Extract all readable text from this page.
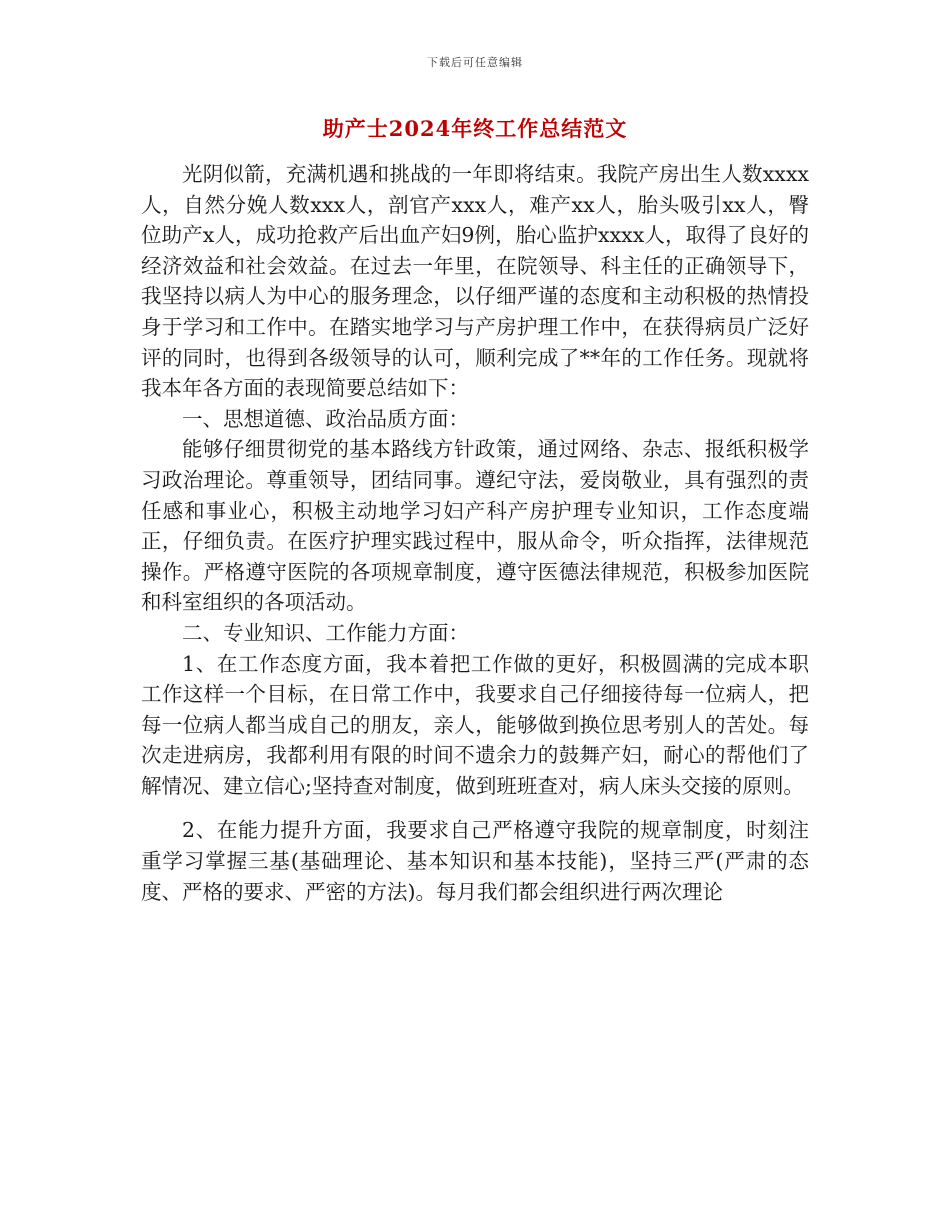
下载后可任意编辑
助产士2024年终工作总结范文

光阴似箭，充满机遇和挑战的一年即将结束。我院产房出生人数xxxx人，自然分娩人数xxx人，剖官产xxx人，难产xx人，胎头吸引xx人，臀位助产x人，成功抢救产后出血产妇9例，胎心监护xxxx人，取得了良好的经济效益和社会效益。在过去一年里，在院领导、科主任的正确领导下，我坚持以病人为中心的服务理念，以仔细严谨的态度和主动积极的热情投身于学习和工作中。在踏实地学习与产房护理工作中，在获得病员广泛好评的同时，也得到各级领导的认可，顺利完成了**年的工作任务。现就将我本年各方面的表现简要总结如下：

一、思想道德、政治品质方面：

能够仔细贯彻党的基本路线方针政策，通过网络、杂志、报纸积极学习政治理论。尊重领导，团结同事。遵纪守法，爱岗敬业，具有强烈的责任感和事业心，积极主动地学习妇产科产房护理专业知识，工作态度端正，仔细负责。在医疗护理实践过程中，服从命令，听众指挥，法律规范操作。严格遵守医院的各项规章制度，遵守医德法律规范，积极参加医院和科室组织的各项活动。

二、专业知识、工作能力方面：

1、在工作态度方面，我本着把工作做的更好，积极圆满的完成本职工作这样一个目标，在日常工作中，我要求自己仔细接待每一位病人，把每一位病人都当成自己的朋友，亲人，能够做到换位思考别人的苦处。每次走进病房，我都利用有限的时间不遗余力的鼓舞产妇，耐心的帮他们了解情况、建立信心;坚持查对制度，做到班班查对，病人床头交接的原则。

2、在能力提升方面，我要求自己严格遵守我院的规章制度，时刻注重学习掌握三基(基础理论、基本知识和基本技能)，坚持三严(严肃的态度、严格的要求、严密的方法)。每月我们都会组织进行两次理论
